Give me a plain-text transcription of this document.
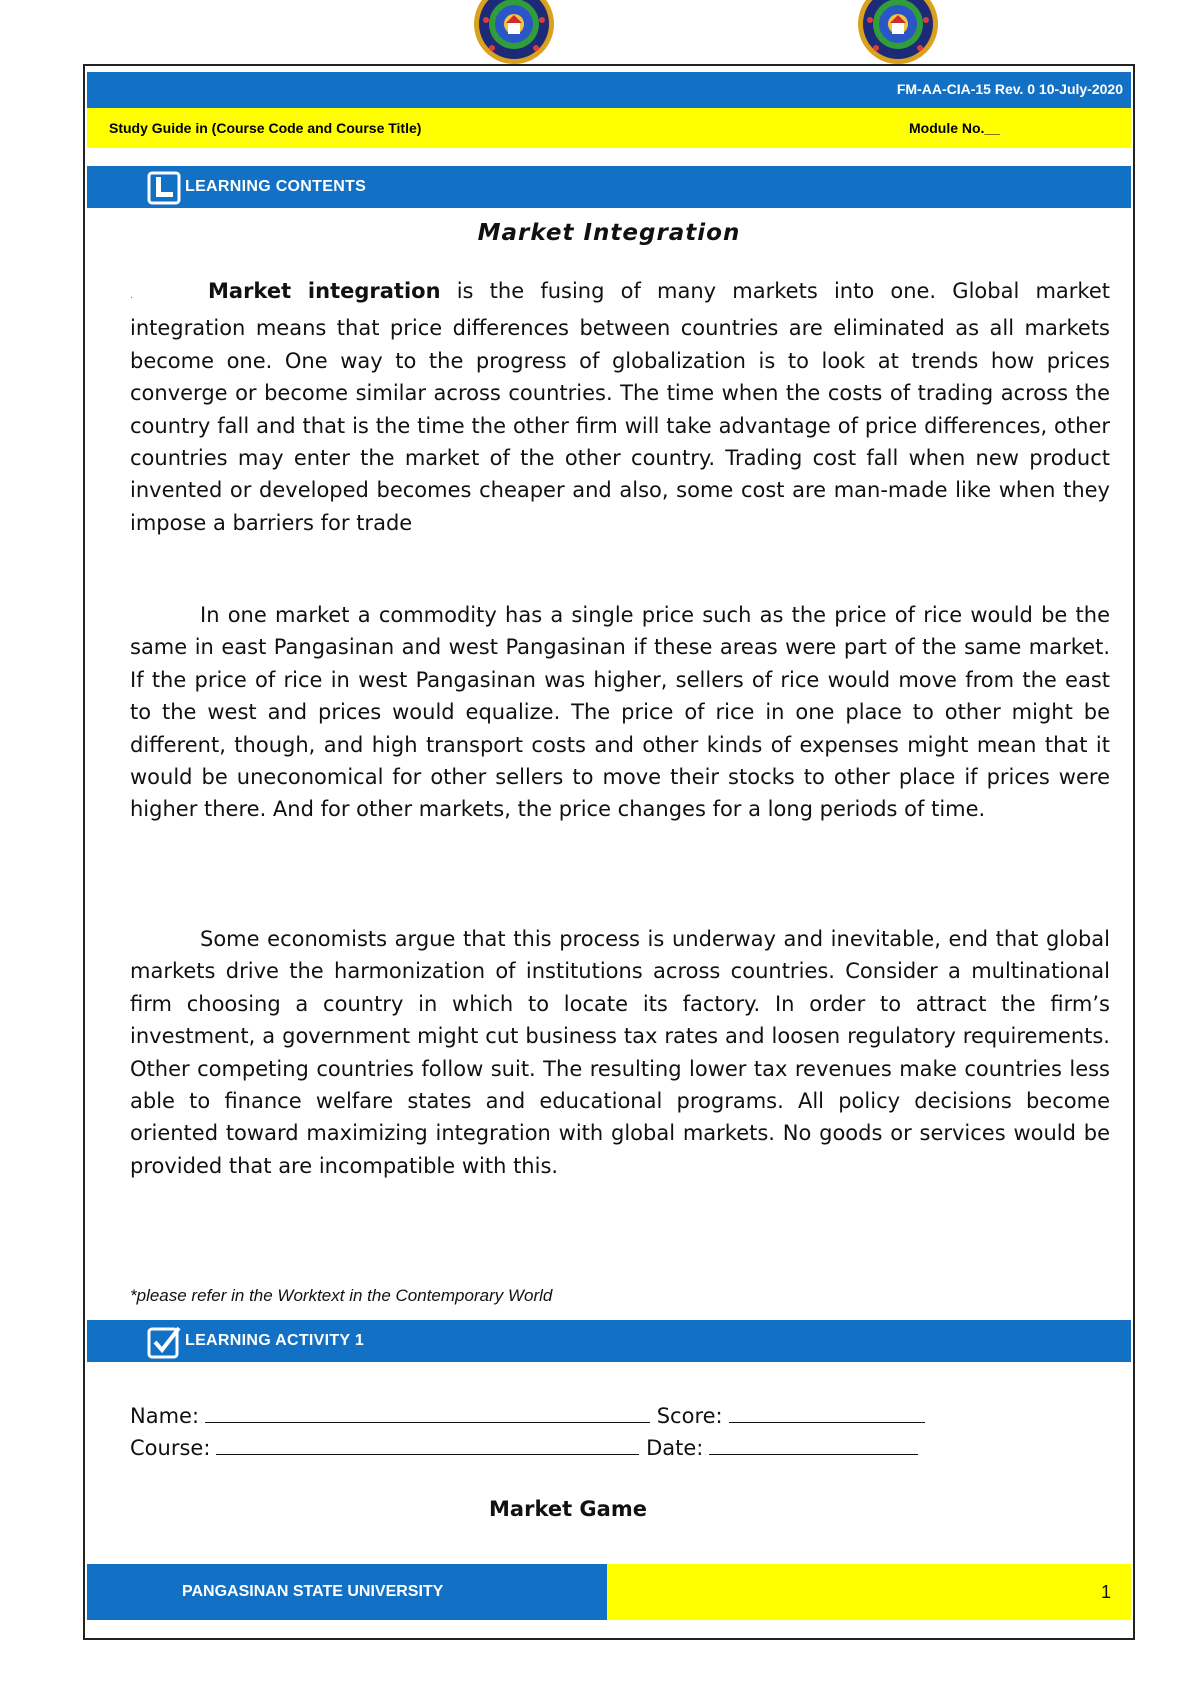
FM-AA-CIA-15 Rev. 0 10-July-2020
Study Guide in (Course Code and Course Title)	Module No.__
LEARNING CONTENTS
Market Integration

.	Market integration is the fusing of many markets into one. Global market integration means that price differences between countries are eliminated as all markets become one. One way to the progress of globalization is to look at trends how prices converge or become similar across countries. The time when the costs of trading across the country fall and that is the time the other firm will take advantage of price differences, other countries may enter the market of the other country. Trading cost fall when new product invented or developed becomes cheaper and also, some cost are man-made like when they impose a barriers for trade

In one market a commodity has a single price such as the price of rice would be the same in east Pangasinan and west Pangasinan if these areas were part of the same market. If the price of rice in west Pangasinan was higher, sellers of rice would move from the east to the west and prices would equalize. The price of rice in one place to other might be different, though, and high transport costs and other kinds of expenses might mean that it would be uneconomical for other sellers to move their stocks to other place if prices were higher there. And for other markets, the price changes for a long periods of time.

Some economists argue that this process is underway and inevitable, end that global markets drive the harmonization of institutions across countries. Consider a multinational firm choosing a country in which to locate its factory. In order to attract the firm’s investment, a government might cut business tax rates and loosen regulatory requirements. Other competing countries follow suit. The resulting lower tax revenues make countries less able to finance welfare states and educational programs. All policy decisions become oriented toward maximizing integration with global markets. No goods or services would be provided that are incompatible with this.

*please refer in the Worktext in the Contemporary World
LEARNING ACTIVITY 1
Name:	Score:
Course:	Date:
Market Game
PANGASINAN STATE UNIVERSITY	1
